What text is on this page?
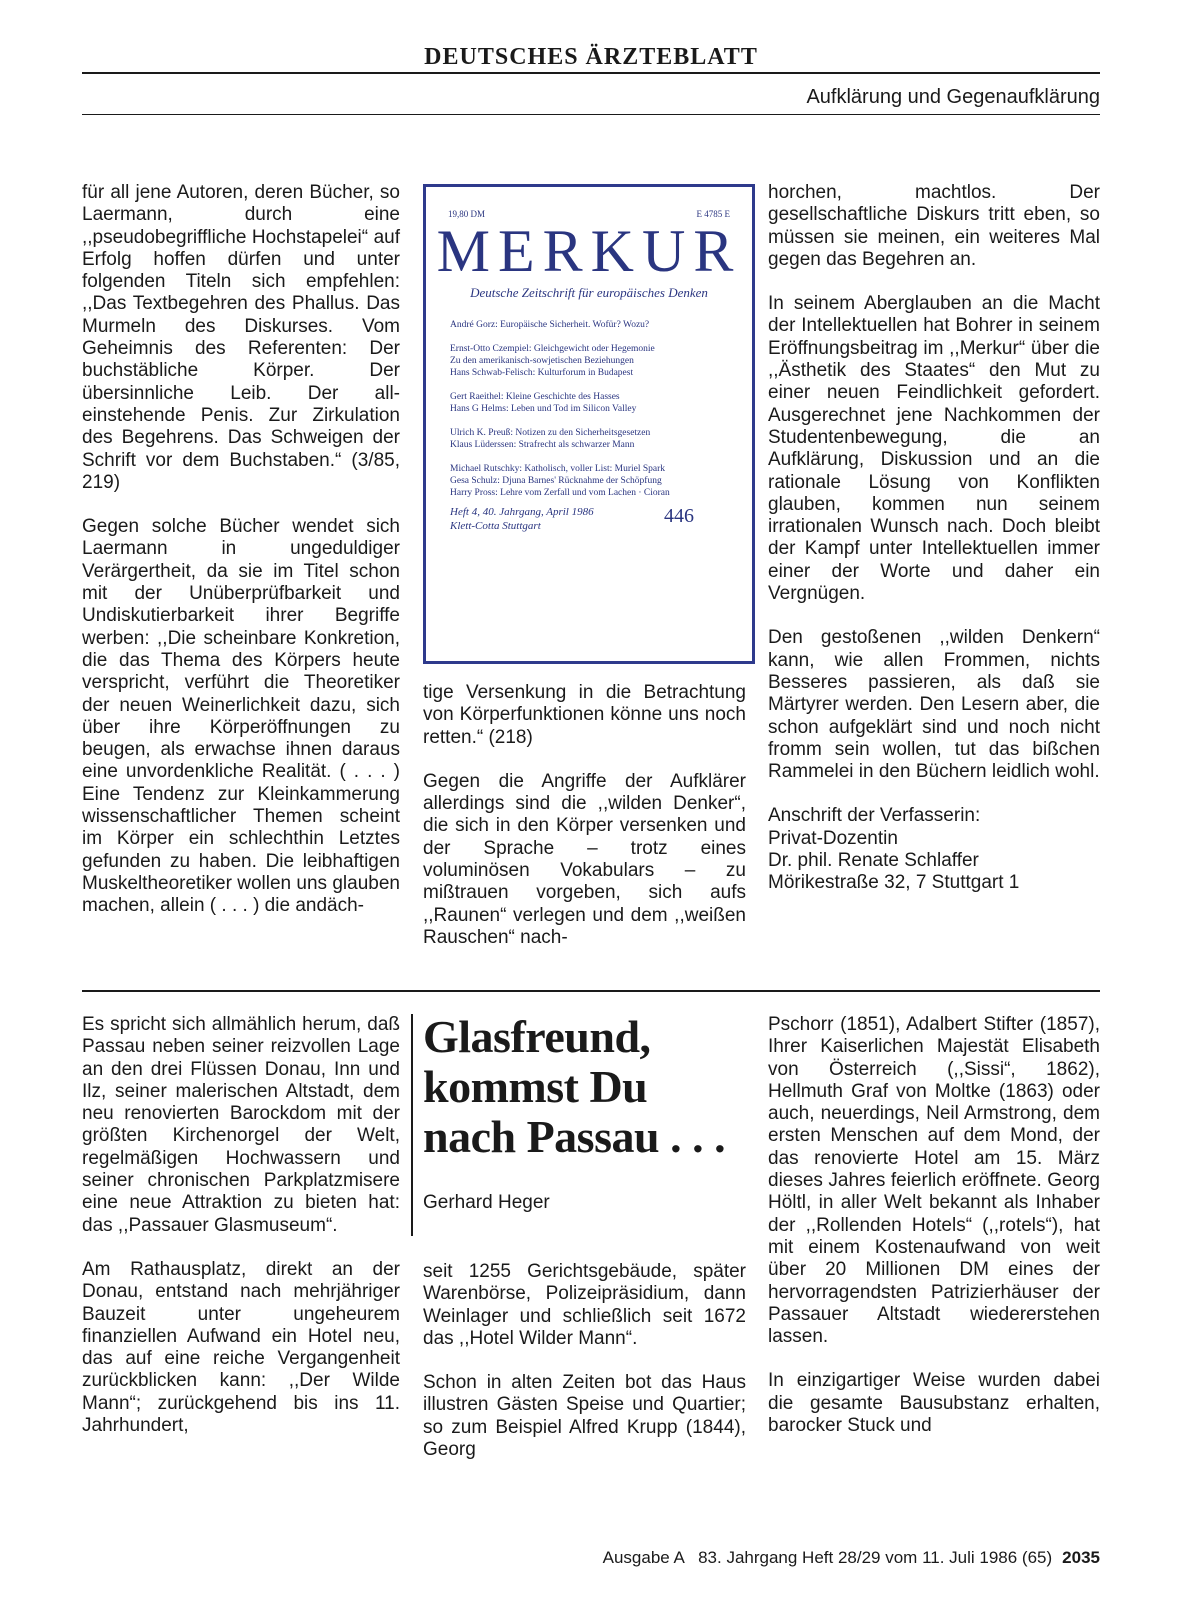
DEUTSCHES ÄRZTEBLATT
Aufklärung und Gegenaufklärung

für all jene Autoren, deren Bücher, so Laermann, durch eine ,,pseudobegriffliche Hochstapelei“ auf Erfolg hoffen dürfen und unter folgenden Titeln sich empfehlen: ,,Das Textbegehren des Phallus. Das Murmeln des Diskurses. Vom Geheimnis des Referenten: Der buchstäbliche Körper. Der übersinnliche Leib. Der all-einstehende Penis. Zur Zirkulation des Begehrens. Das Schweigen der Schrift vor dem Buchstaben.“ (3/85, 219)

Gegen solche Bücher wendet sich Laermann in ungeduldiger Verärgertheit, da sie im Titel schon mit der Unüberprüfbarkeit und Undiskutierbarkeit ihrer Begriffe werben: ,,Die scheinbare Konkretion, die das Thema des Körpers heute verspricht, verführt die Theoretiker der neuen Weinerlichkeit dazu, sich über ihre Körperöffnungen zu beugen, als erwachse ihnen daraus eine unvordenkliche Realität. ( . . . ) Eine Tendenz zur Kleinkammerung wissenschaftlicher Themen scheint im Körper ein schlechthin Letztes gefunden zu haben. Die leibhaftigen Muskeltheoretiker wollen uns glauben machen, allein ( . . . ) die andäch-

19,80 DM	E 4785 E
MERKUR
Deutsche Zeitschrift für europäisches Denken
André Gorz: Europäische Sicherheit. Wofür? Wozu?
Ernst-Otto Czempiel: Gleichgewicht oder Hegemonie
Zu den amerikanisch-sowjetischen Beziehungen
Hans Schwab-Felisch: Kulturforum in Budapest
Gert Raeithel: Kleine Geschichte des Hasses
Hans G Helms: Leben und Tod im Silicon Valley
Ulrich K. Preuß: Notizen zu den Sicherheitsgesetzen
Klaus Lüderssen: Strafrecht als schwarzer Mann
Michael Rutschky: Katholisch, voller List: Muriel Spark
Gesa Schulz: Djuna Barnes' Rücknahme der Schöpfung
Harry Pross: Lehre vom Zerfall und vom Lachen · Cioran
Heft 4, 40. Jahrgang, April 1986
Klett-Cotta Stuttgart	446

tige Versenkung in die Betrachtung von Körperfunktionen könne uns noch retten.“ (218)

Gegen die Angriffe der Aufklärer allerdings sind die ,,wilden Denker“, die sich in den Körper versenken und der Sprache – trotz eines voluminösen Vokabulars – zu mißtrauen vorgeben, sich aufs ,,Raunen“ verlegen und dem ,,weißen Rauschen“ nach-

horchen, machtlos. Der gesellschaftliche Diskurs tritt eben, so müssen sie meinen, ein weiteres Mal gegen das Begehren an.

In seinem Aberglauben an die Macht der Intellektuellen hat Bohrer in seinem Eröffnungsbeitrag im ,,Merkur“ über die ,,Ästhetik des Staates“ den Mut zu einer neuen Feindlichkeit gefordert. Ausgerechnet jene Nachkommen der Studentenbewegung, die an Aufklärung, Diskussion und an die rationale Lösung von Konflikten glauben, kommen nun seinem irrationalen Wunsch nach. Doch bleibt der Kampf unter Intellektuellen immer einer der Worte und daher ein Vergnügen.

Den gestoßenen ,,wilden Denkern“ kann, wie allen Frommen, nichts Besseres passieren, als daß sie Märtyrer werden. Den Lesern aber, die schon aufgeklärt sind und noch nicht fromm sein wollen, tut das bißchen Rammelei in den Büchern leidlich wohl.

Anschrift der Verfasserin:
Privat-Dozentin
Dr. phil. Renate Schlaffer
Mörikestraße 32, 7 Stuttgart 1

Es spricht sich allmählich herum, daß Passau neben seiner reizvollen Lage an den drei Flüssen Donau, Inn und Ilz, seiner malerischen Altstadt, dem neu renovierten Barockdom mit der größten Kirchenorgel der Welt, regelmäßigen Hochwassern und seiner chronischen Parkplatzmisere eine neue Attraktion zu bieten hat: das ,,Passauer Glasmuseum“.

Am Rathausplatz, direkt an der Donau, entstand nach mehrjähriger Bauzeit unter ungeheurem finanziellen Aufwand ein Hotel neu, das auf eine reiche Vergangenheit zurückblicken kann: ,,Der Wilde Mann“; zurückgehend bis ins 11. Jahrhundert,

Glasfreund,
kommst Du
nach Passau . . .
Gerhard Heger

seit 1255 Gerichtsgebäude, später Warenbörse, Polizeipräsidium, dann Weinlager und schließlich seit 1672 das ,,Hotel Wilder Mann“.

Schon in alten Zeiten bot das Haus illustren Gästen Speise und Quartier; so zum Beispiel Alfred Krupp (1844), Georg

Pschorr (1851), Adalbert Stifter (1857), Ihrer Kaiserlichen Majestät Elisabeth von Österreich (,,Sissi“, 1862), Hellmuth Graf von Moltke (1863) oder auch, neuerdings, Neil Armstrong, dem ersten Menschen auf dem Mond, der das renovierte Hotel am 15. März dieses Jahres feierlich eröffnete. Georg Höltl, in aller Welt bekannt als Inhaber der ,,Rollenden Hotels“ (,,rotels“), hat mit einem Kostenaufwand von weit über 20 Millionen DM eines der hervorragendsten Patrizierhäuser der Passauer Altstadt wiedererstehen lassen.

In einzigartiger Weise wurden dabei die gesamte Bausubstanz erhalten, barocker Stuck und

Ausgabe A   83. Jahrgang Heft 28/29 vom 11. Juli 1986 (65) 2035
